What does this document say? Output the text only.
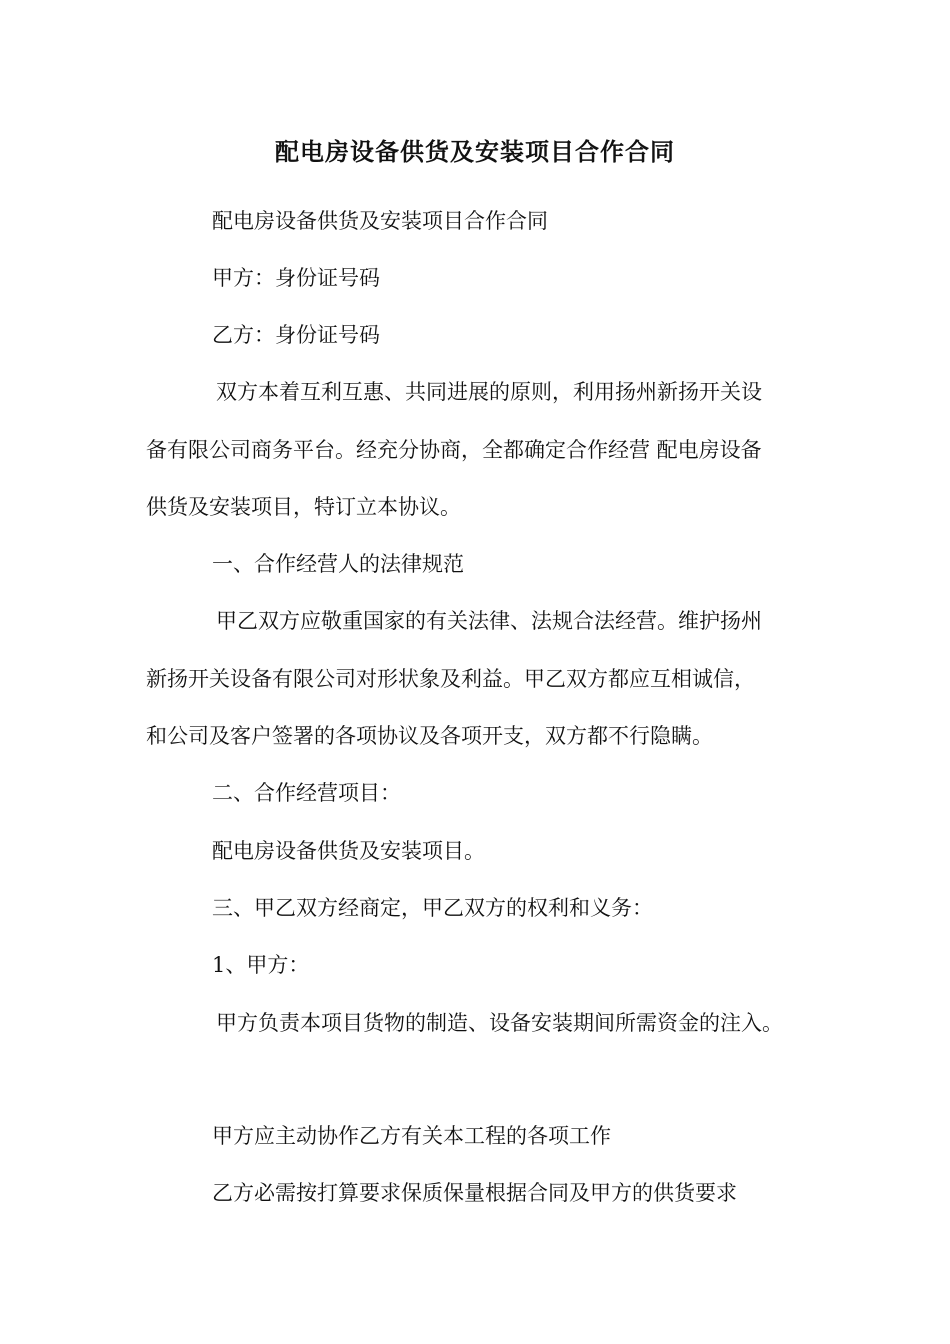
配电房设备供货及安装项目合作合同

配电房设备供货及安装项目合作合同

甲方：身份证号码

乙方：身份证号码

双方本着互利互惠、共同进展的原则，利用扬州新扬开关设

备有限公司商务平台。经充分协商，全都确定合作经营 配电房设备

供货及安装项目，特订立本协议。

一、合作经营人的法律规范

甲乙双方应敬重国家的有关法律、法规合法经营。维护扬州

新扬开关设备有限公司对形状象及利益。甲乙双方都应互相诚信，

和公司及客户签署的各项协议及各项开支，双方都不行隐瞒。

二、合作经营项目：

配电房设备供货及安装项目。

三、甲乙双方经商定，甲乙双方的权利和义务：

1、甲方：

甲方负责本项目货物的制造、设备安装期间所需资金的注入。

甲方应主动协作乙方有关本工程的各项工作

乙方必需按打算要求保质保量根据合同及甲方的供货要求
